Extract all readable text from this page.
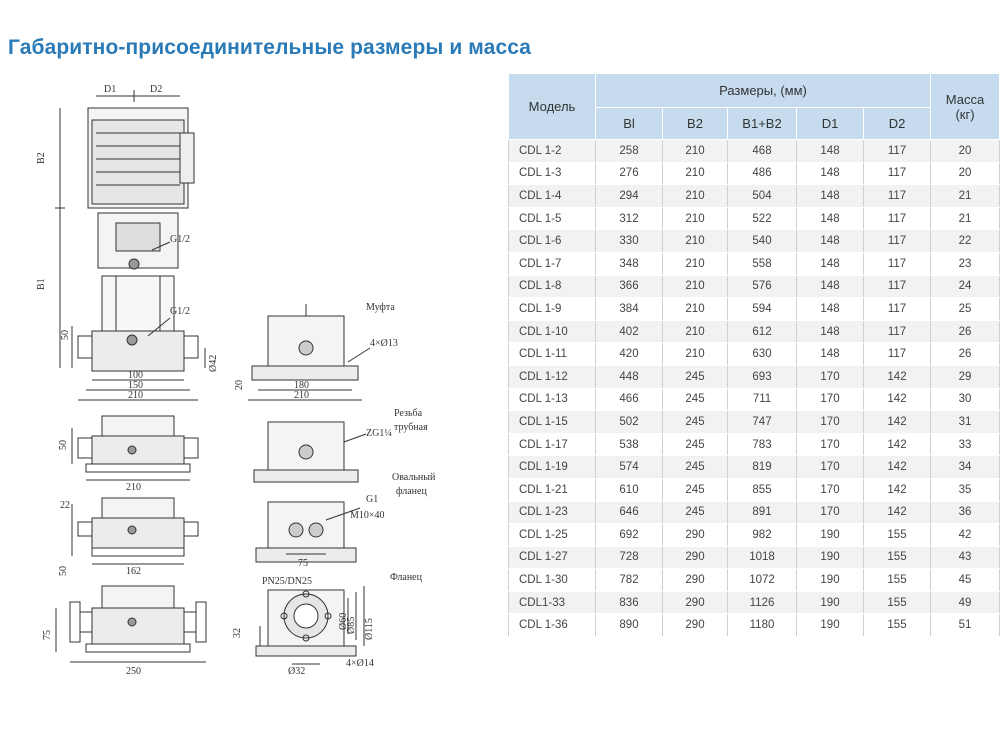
Габаритно-присоединительные размеры и масса
D1	D2
B2
B1
G1/2
G1/2
50
Ø42
100
150
210
50
210
22
50	162
75
250
20	180
210
4×Ø13
ZG1¼
G1
M10×40
75
PN25/DN25
32
Ø60
Ø85 Ø115
Ø32
4×Ø14
Муфта
Резьба
трубная
Овальный
фланец
Фланец
Модель	Размеры, (мм)					Масса
(кг)
	Bl	B2	B1+B2	D1	D2	
CDL 1-2	258	210	468	148	117	20
CDL 1-3	276	210	486	148	117	20
CDL 1-4	294	210	504	148	117	21
CDL 1-5	312	210	522	148	117	21
CDL 1-6	330	210	540	148	117	22
CDL 1-7	348	210	558	148	117	23
CDL 1-8	366	210	576	148	117	24
CDL 1-9	384	210	594	148	117	25
CDL 1-10	402	210	612	148	117	26
CDL 1-11	420	210	630	148	117	26
CDL 1-12	448	245	693	170	142	29
CDL 1-13	466	245	711	170	142	30
CDL 1-15	502	245	747	170	142	31
CDL 1-17	538	245	783	170	142	33
CDL 1-19	574	245	819	170	142	34
CDL 1-21	610	245	855	170	142	35
CDL 1-23	646	245	891	170	142	36
CDL 1-25	692	290	982	190	155	42
CDL 1-27	728	290	1018	190	155	43
CDL 1-30	782	290	1072	190	155	45
CDL1-33	836	290	1126	190	155	49
CDL 1-36	890	290	1180	190	155	51
